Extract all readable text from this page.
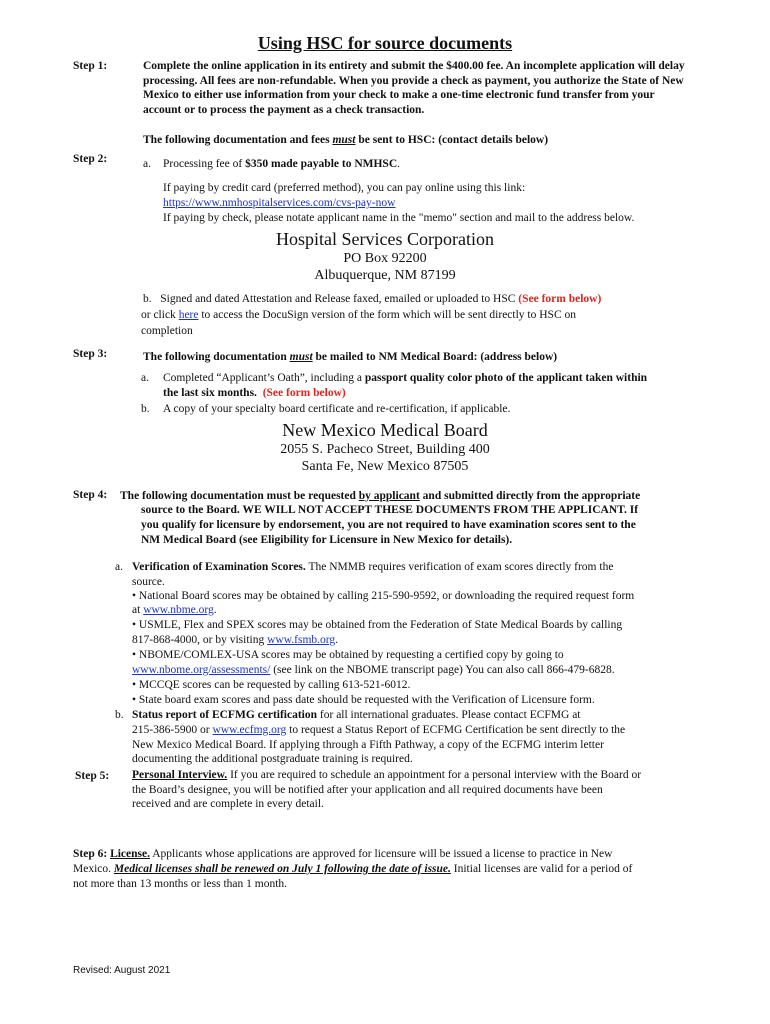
Using HSC for source documents
Step 1:	Complete the online application in its entirety and submit the $400.00 fee. An incomplete application will delay processing. All fees are non-refundable. When you provide a check as payment, you authorize the State of New Mexico to either use information from your check to make a one-time electronic fund transfer from your account or to process the payment as a check transaction.
The following documentation and fees must be sent to HSC: (contact details below)
Step 2:	a. Processing fee of $350 made payable to NMHSC.
If paying by credit card (preferred method), you can pay online using this link:
https://www.nmhospitalservices.com/cvs-pay-now
If paying by check, please notate applicant name in the "memo" section and mail to the address below.
Hospital Services Corporation
PO Box 92200
Albuquerque, NM 87199
b. Signed and dated Attestation and Release faxed, emailed or uploaded to HSC (See form below)
or click here to access the DocuSign version of the form which will be sent directly to HSC on
completion
Step 3:	The following documentation must be mailed to NM Medical Board: (address below)
a. Completed “Applicant’s Oath”, including a passport quality color photo of the applicant taken within
the last six months. (See form below)
b. A copy of your specialty board certificate and re-certification, if applicable.
New Mexico Medical Board
2055 S. Pacheco Street, Building 400
Santa Fe, New Mexico 87505
Step 4: The following documentation must be requested by applicant and submitted directly from the appropriate
source to the Board. WE WILL NOT ACCEPT THESE DOCUMENTS FROM THE APPLICANT. If
you qualify for licensure by endorsement, you are not required to have examination scores sent to the
NM Medical Board (see Eligibility for Licensure in New Mexico for details).
a. Verification of Examination Scores. The NMMB requires verification of exam scores directly from the
source.
• National Board scores may be obtained by calling 215-590-9592, or downloading the required request form
at www.nbme.org.
• USMLE, Flex and SPEX scores may be obtained from the Federation of State Medical Boards by calling
817-868-4000, or by visiting www.fsmb.org.
• NBOME/COMLEX-USA scores may be obtained by requesting a certified copy by going to
www.nbome.org/assessments/ (see link on the NBOME transcript page) You can also call 866-479-6828.
• MCCQE scores can be requested by calling 613-521-6012.
• State board exam scores and pass date should be requested with the Verification of Licensure form.
b. Status report of ECFMG certification for all international graduates. Please contact ECFMG at
215-386-5900 or www.ecfmg.org to request a Status Report of ECFMG Certification be sent directly to the
New Mexico Medical Board. If applying through a Fifth Pathway, a copy of the ECFMG interim letter
documenting the additional postgraduate training is required.
Step 5: Personal Interview. If you are required to schedule an appointment for a personal interview with the Board or
the Board’s designee, you will be notified after your application and all required documents have been
received and are complete in every detail.
Step 6: License. Applicants whose applications are approved for licensure will be issued a license to practice in New
Mexico. Medical licenses shall be renewed on July 1 following the date of issue. Initial licenses are valid for a period of
not more than 13 months or less than 1 month.
Revised: August 2021
